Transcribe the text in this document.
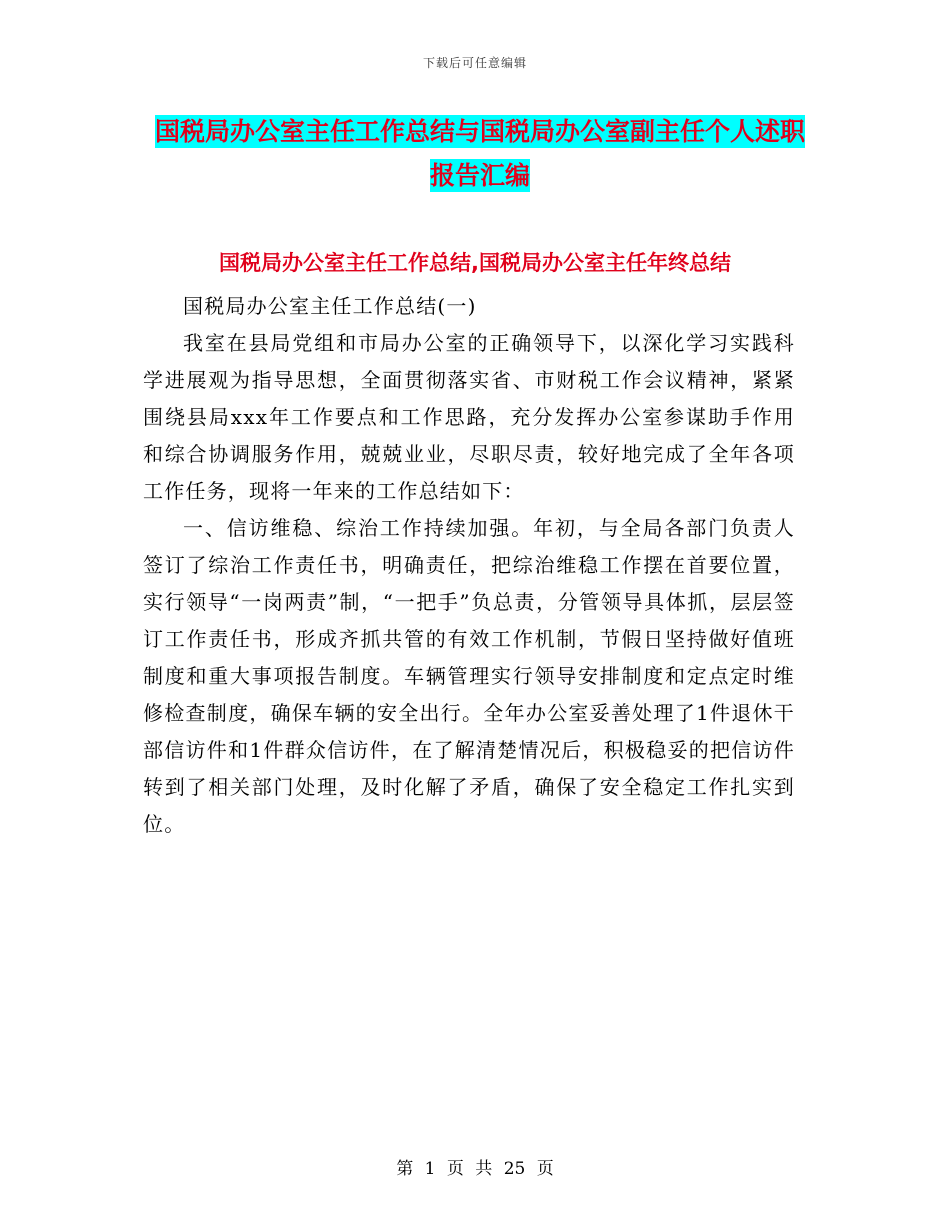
下载后可任意编辑
国税局办公室主任工作总结与国税局办公室副主任个人述职报告汇编
国税局办公室主任工作总结,国税局办公室主任年终总结

国税局办公室主任工作总结(一)

我室在县局党组和市局办公室的正确领导下，以深化学习实践科学进展观为指导思想，全面贯彻落实省、市财税工作会议精神，紧紧围绕县局xxx年工作要点和工作思路，充分发挥办公室参谋助手作用和综合协调服务作用，兢兢业业，尽职尽责，较好地完成了全年各项工作任务，现将一年来的工作总结如下：

一、信访维稳、综治工作持续加强。年初，与全局各部门负责人签订了综治工作责任书，明确责任，把综治维稳工作摆在首要位置，实行领导“一岗两责”制，“一把手”负总责，分管领导具体抓，层层签订工作责任书，形成齐抓共管的有效工作机制，节假日坚持做好值班制度和重大事项报告制度。车辆管理实行领导安排制度和定点定时维修检查制度，确保车辆的安全出行。全年办公室妥善处理了1件退休干部信访件和1件群众信访件，在了解清楚情况后，积极稳妥的把信访件转到了相关部门处理，及时化解了矛盾，确保了安全稳定工作扎实到位。

第 1 页 共 25 页
